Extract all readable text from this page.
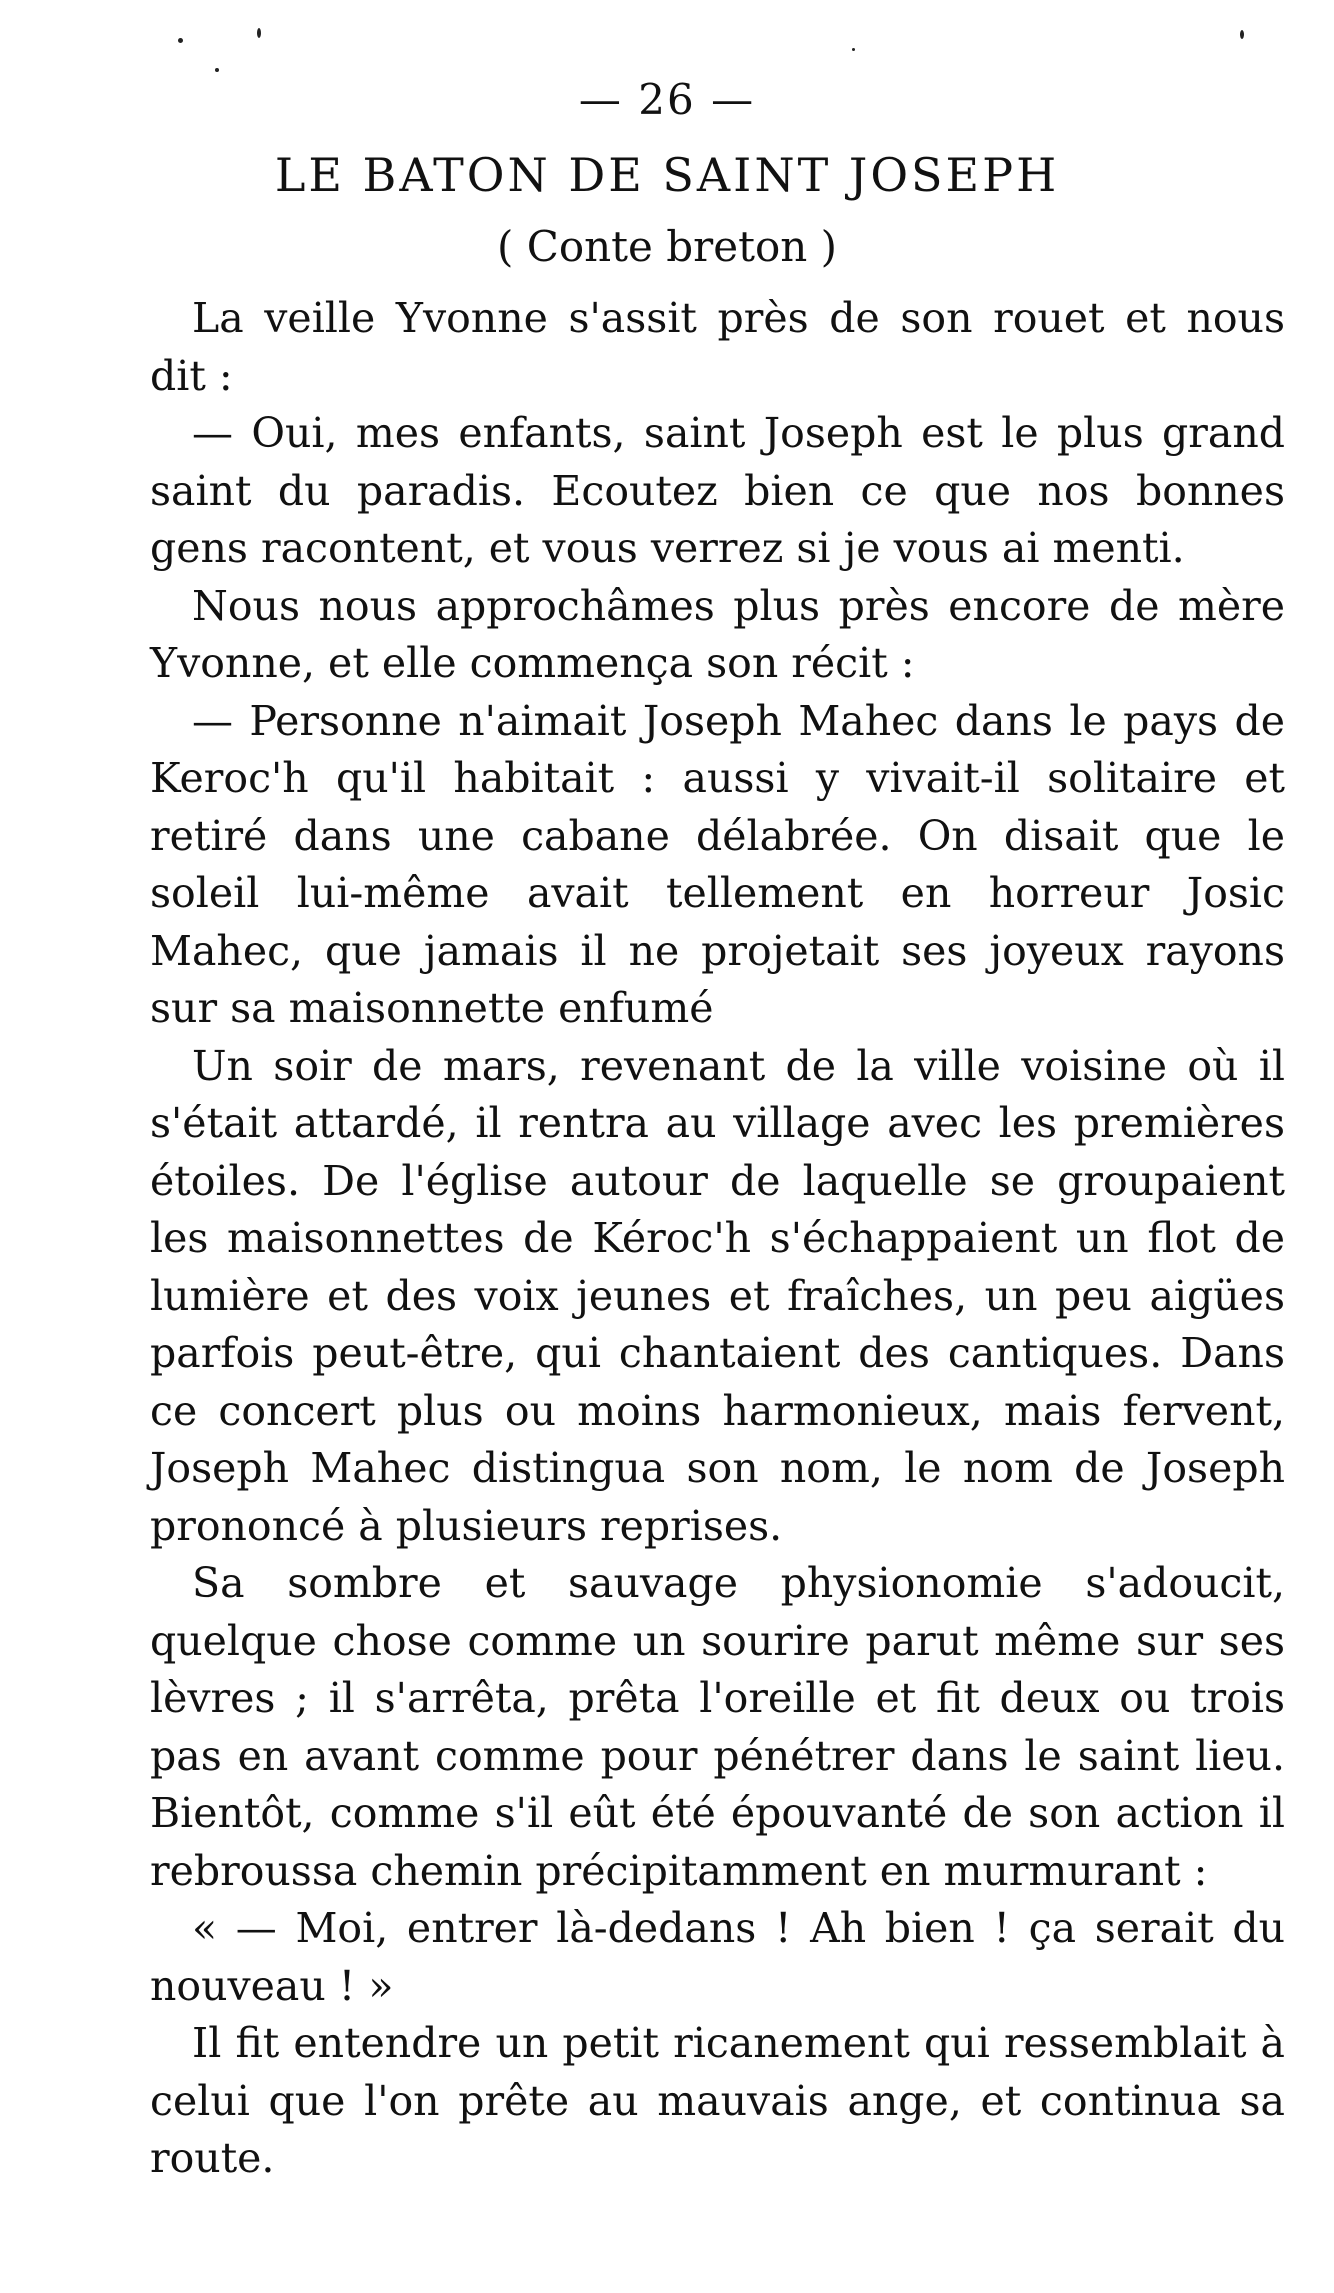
— 26 —
LE BATON DE SAINT JOSEPH
( Conte breton )

La veille Yvonne s'assit près de son rouet et nous dit :

— Oui, mes enfants, saint Joseph est le plus grand saint du paradis. Ecoutez bien ce que nos bonnes gens racontent, et vous verrez si je vous ai menti.

Nous nous approchâmes plus près encore de mère Yvonne, et elle commença son récit :

— Personne n'aimait Joseph Mahec dans le pays de Keroc'h qu'il habitait : aussi y vivait-il solitaire et retiré dans une cabane délabrée. On disait que le soleil lui-même avait tellement en horreur Josic Mahec, que jamais il ne projetait ses joyeux rayons sur sa maisonnette enfumé

Un soir de mars, revenant de la ville voisine où il s'était attardé, il rentra au village avec les premières étoiles. De l'église autour de laquelle se groupaient les maisonnettes de Kéroc'h s'échappaient un flot de lumière et des voix jeunes et fraîches, un peu aigües parfois peut-être, qui chantaient des cantiques. Dans ce concert plus ou moins harmonieux, mais fervent, Joseph Mahec distingua son nom, le nom de Joseph prononcé à plusieurs reprises.

Sa sombre et sauvage physionomie s'adoucit, quelque chose comme un sourire parut même sur ses lèvres ; il s'arrêta, prêta l'oreille et fit deux ou trois pas en avant comme pour pénétrer dans le saint lieu. Bientôt, comme s'il eût été épouvanté de son action il rebroussa chemin précipitamment en murmurant :

« — Moi, entrer là-dedans ! Ah bien ! ça serait du nouveau ! »

Il fit entendre un petit ricanement qui ressemblait à celui que l'on prête au mauvais ange, et continua sa route.
